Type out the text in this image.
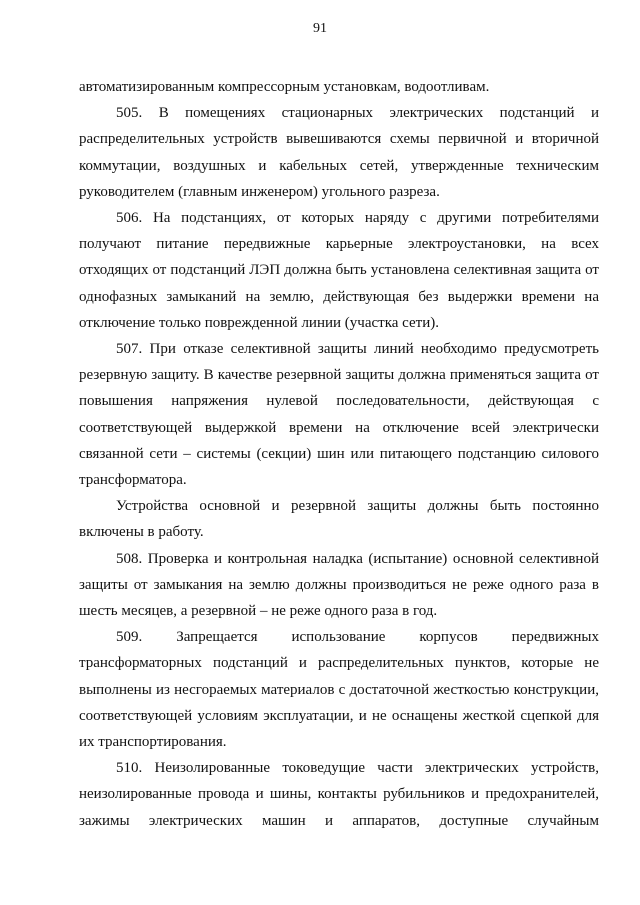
91

автоматизированным компрессорным установкам, водоотливам.

505. В помещениях стационарных электрических подстанций и распределительных устройств вывешиваются схемы первичной и вторичной коммутации, воздушных и кабельных сетей, утвержденные техническим руководителем (главным инженером) угольного разреза.

506. На подстанциях, от которых наряду с другими потребителями получают питание передвижные карьерные электроустановки, на всех отходящих от подстанций ЛЭП должна быть установлена селективная защита от однофазных замыканий на землю, действующая без выдержки времени на отключение только поврежденной линии (участка сети).

507. При отказе селективной защиты линий необходимо предусмотреть резервную защиту. В качестве резервной защиты должна применяться защита от повышения напряжения нулевой последовательности, действующая с соответствующей выдержкой времени на отключение всей электрически связанной сети – системы (секции) шин или питающего подстанцию силового трансформатора.

Устройства основной и резервной защиты должны быть постоянно включены в работу.

508. Проверка и контрольная наладка (испытание) основной селективной защиты от замыкания на землю должны производиться не реже одного раза в шесть месяцев, а резервной – не реже одного раза в год.

509. Запрещается использование корпусов передвижных трансформаторных подстанций и распределительных пунктов, которые не выполнены из несгораемых материалов с достаточной жесткостью конструкции, соответствующей условиям эксплуатации, и не оснащены жесткой сцепкой для их транспортирования.

510. Неизолированные токоведущие части электрических устройств, неизолированные провода и шины, контакты рубильников и предохранителей, зажимы электрических машин и аппаратов, доступные случайным
